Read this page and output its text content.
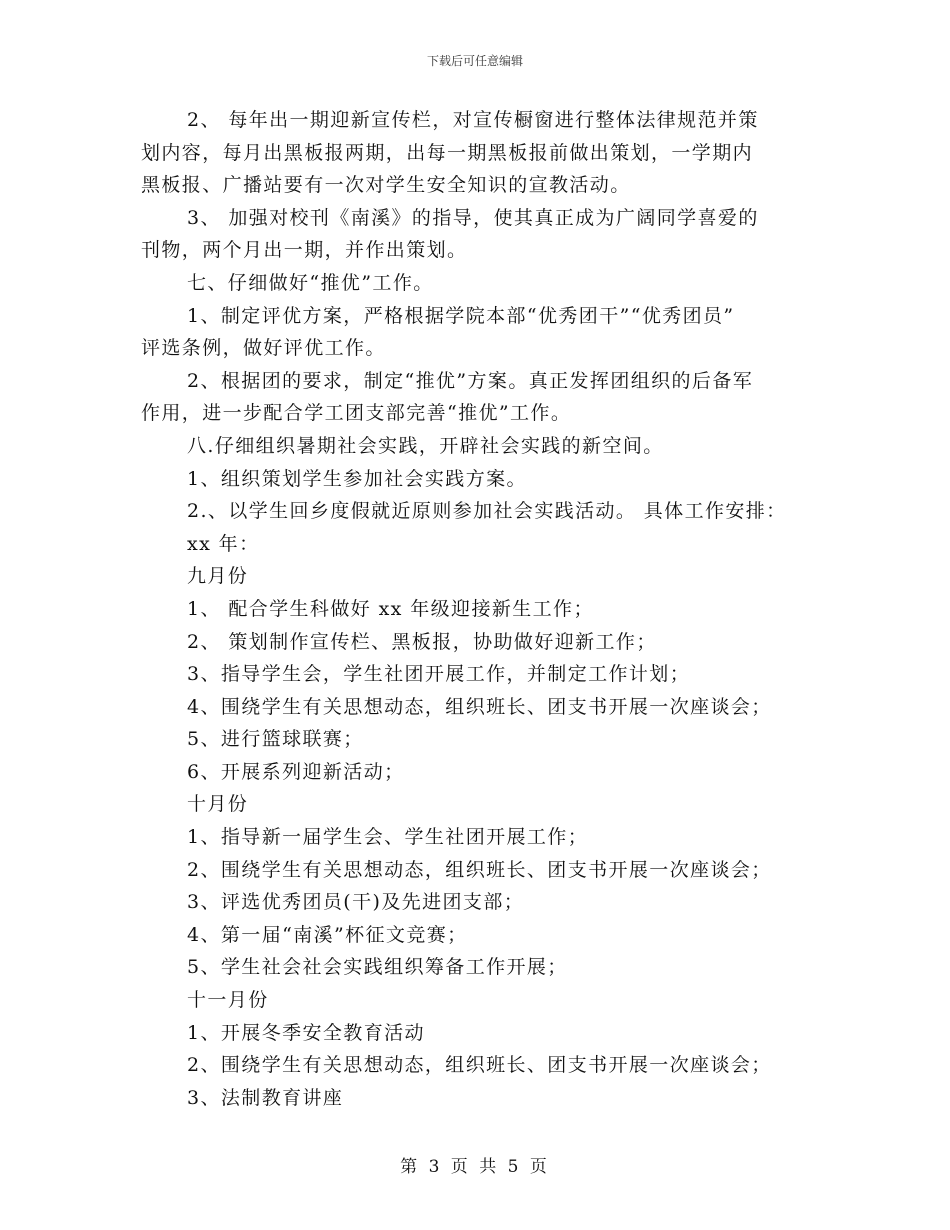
下载后可任意编辑
2、 每年出一期迎新宣传栏，对宣传橱窗进行整体法律规范并策
划内容，每月出黑板报两期，出每一期黑板报前做出策划，一学期内
黑板报、广播站要有一次对学生安全知识的宣教活动。
3、 加强对校刊《南溪》的指导，使其真正成为广阔同学喜爱的
刊物，两个月出一期，并作出策划。
七、仔细做好“推优”工作。
1、制定评优方案，严格根据学院本部“优秀团干”“优秀团员”
评选条例，做好评优工作。
2、根据团的要求，制定“推优”方案。真正发挥团组织的后备军
作用，进一步配合学工团支部完善“推优”工作。
八.仔细组织暑期社会实践，开辟社会实践的新空间。
1、组织策划学生参加社会实践方案。
2.、以学生回乡度假就近原则参加社会实践活动。 具体工作安排：
xx 年：
九月份
1、 配合学生科做好 xx 年级迎接新生工作；
2、 策划制作宣传栏、黑板报，协助做好迎新工作；
3、指导学生会，学生社团开展工作，并制定工作计划；
4、围绕学生有关思想动态，组织班长、团支书开展一次座谈会；
5、进行篮球联赛；
6、开展系列迎新活动；
十月份
1、指导新一届学生会、学生社团开展工作；
2、围绕学生有关思想动态，组织班长、团支书开展一次座谈会；
3、评选优秀团员(干)及先进团支部；
4、第一届“南溪”杯征文竞赛；
5、学生社会社会实践组织筹备工作开展；
十一月份
1、开展冬季安全教育活动
2、围绕学生有关思想动态，组织班长、团支书开展一次座谈会；
3、法制教育讲座
第 3 页 共 5 页
